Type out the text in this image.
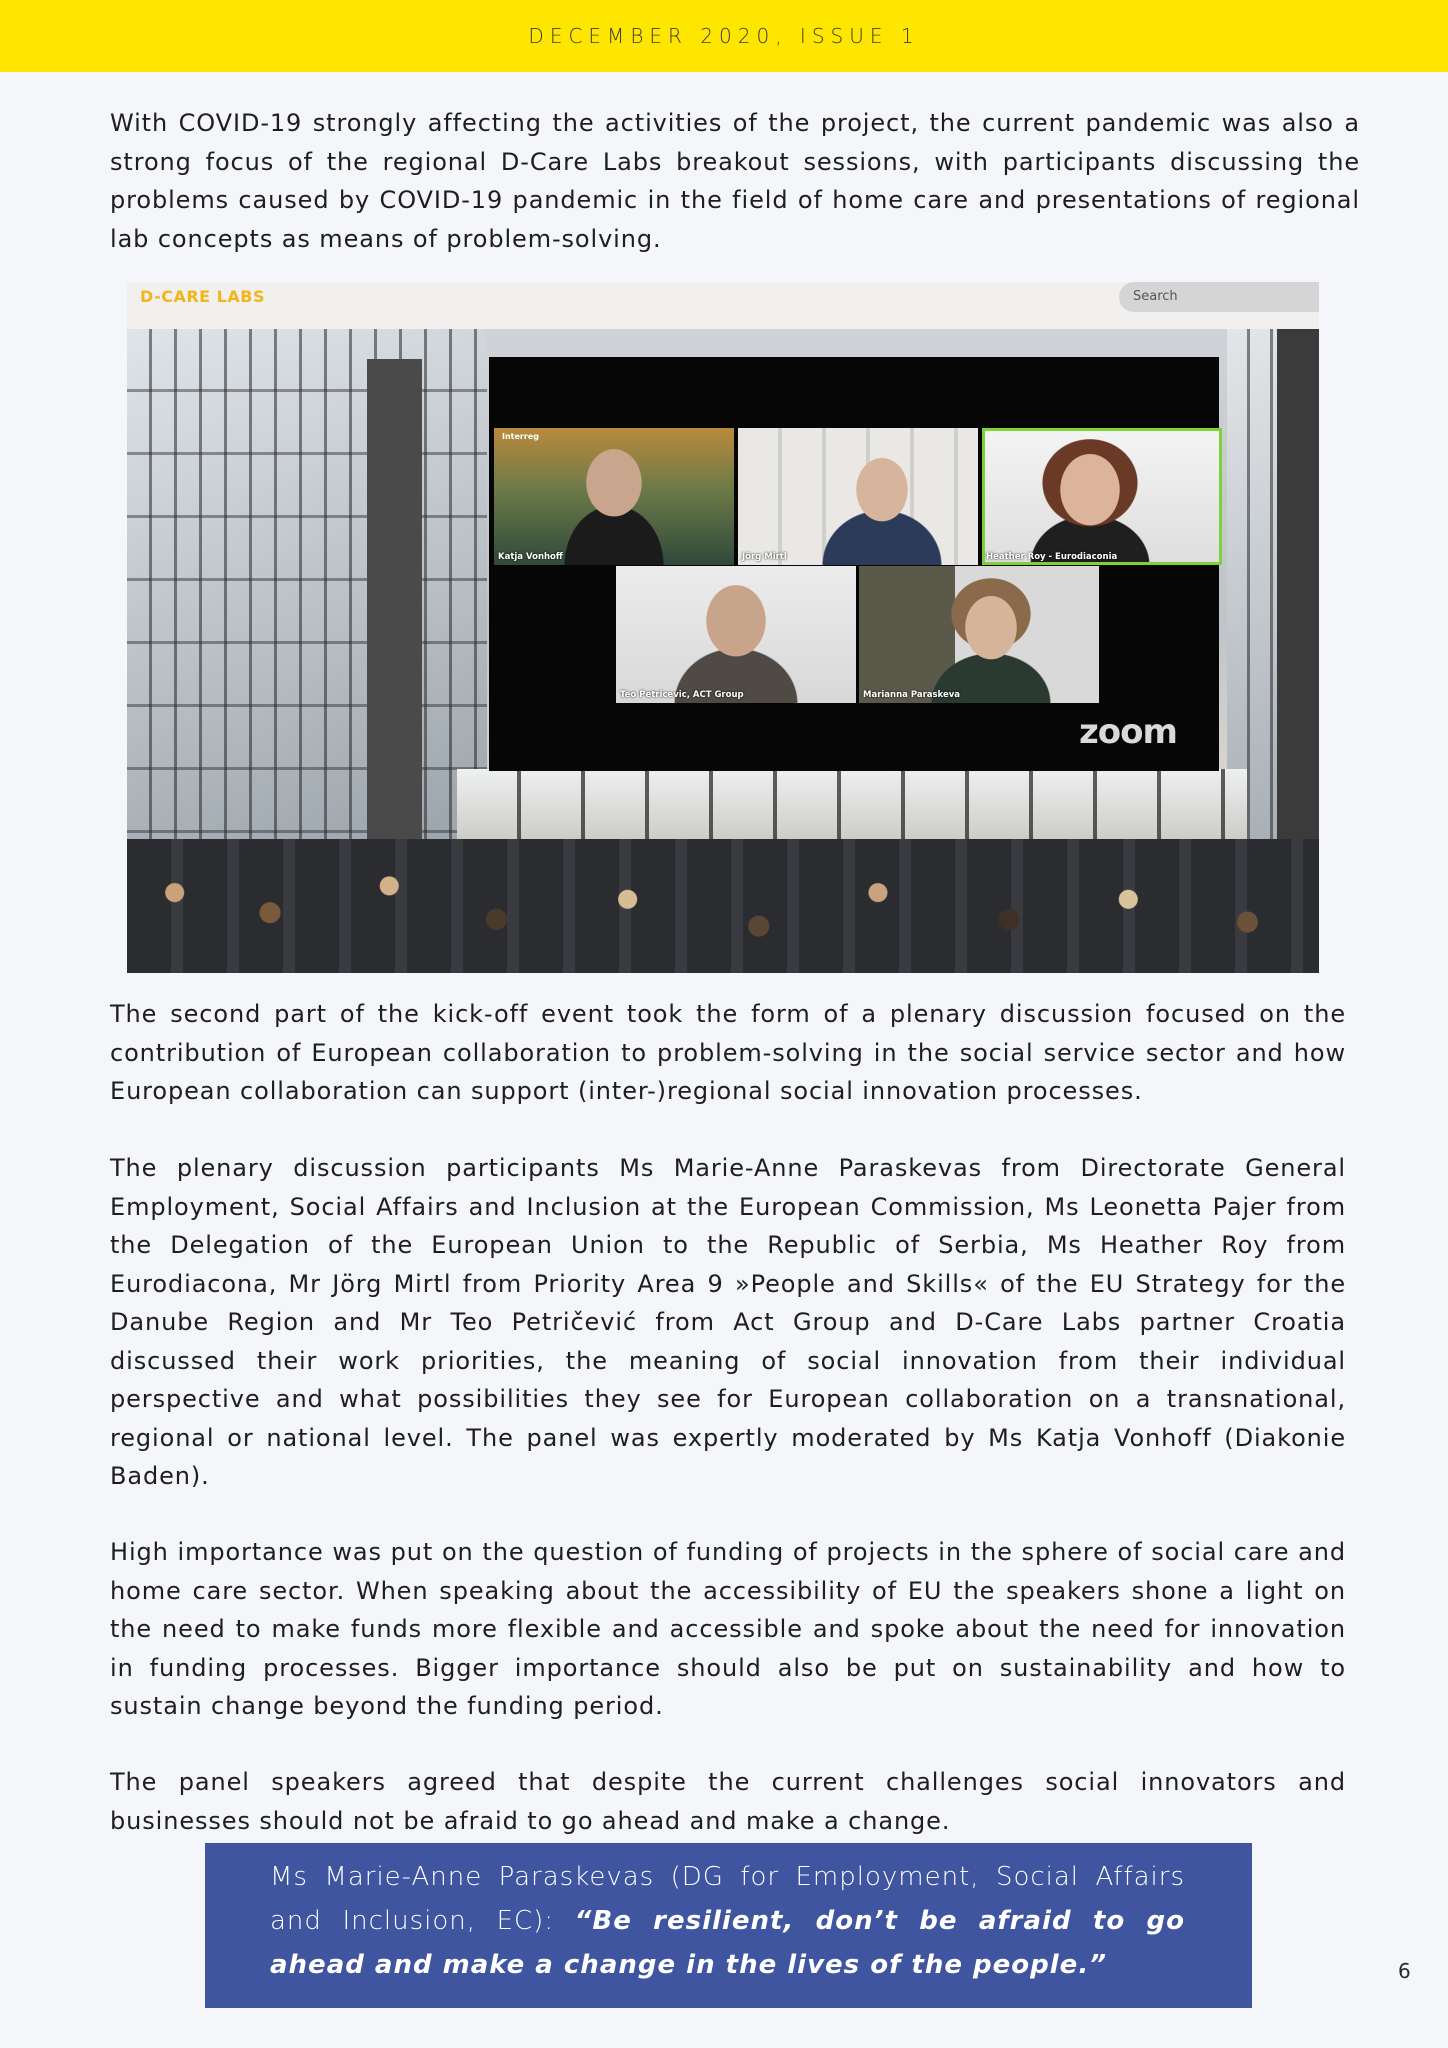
DECEMBER 2020, ISSUE 1

With COVID-19 strongly affecting the activities of the project, the current pandemic was also a strong focus of the regional D-Care Labs breakout sessions, with participants discussing the problems caused by COVID-19 pandemic in the field of home care and presentations of regional lab concepts as means of problem-solving.

D-CARE LABS	Search
Interreg
Katja Vonhoff	Jörg Mirtl	Heather Roy - Eurodiaconia
Teo Petricevic, ACT Group	Marianna Paraskeva
zoom

The second part of the kick-off event took the form of a plenary discussion focused on the contribution of European collaboration to problem-solving in the social service sector and how European collaboration can support (inter-)regional social innovation processes.

The plenary discussion participants Ms Marie-Anne Paraskevas from Directorate General Employment, Social Affairs and Inclusion at the European Commission, Ms Leonetta Pajer from the Delegation of the European Union to the Republic of Serbia, Ms Heather Roy from Eurodiacona, Mr Jörg Mirtl from Priority Area 9 »People and Skills« of the EU Strategy for the Danube Region and Mr Teo Petričević from Act Group and D-Care Labs partner Croatia discussed their work priorities, the meaning of social innovation from their individual perspective and what possibilities they see for European collaboration on a transnational, regional or national level. The panel was expertly moderated by Ms Katja Vonhoff (Diakonie Baden).

High importance was put on the question of funding of projects in the sphere of social care and home care sector. When speaking about the accessibility of EU the speakers shone a light on the need to make funds more flexible and accessible and spoke about the need for innovation in funding processes. Bigger importance should also be put on sustainability and how to sustain change beyond the funding period.

The panel speakers agreed that despite the current challenges social innovators and businesses should not be afraid to go ahead and make a change.

Ms Marie-Anne Paraskevas (DG for Employment, Social Affairs and Inclusion, EC): “Be resilient, don’t be afraid to go ahead and make a change in the lives of the people.”	6
